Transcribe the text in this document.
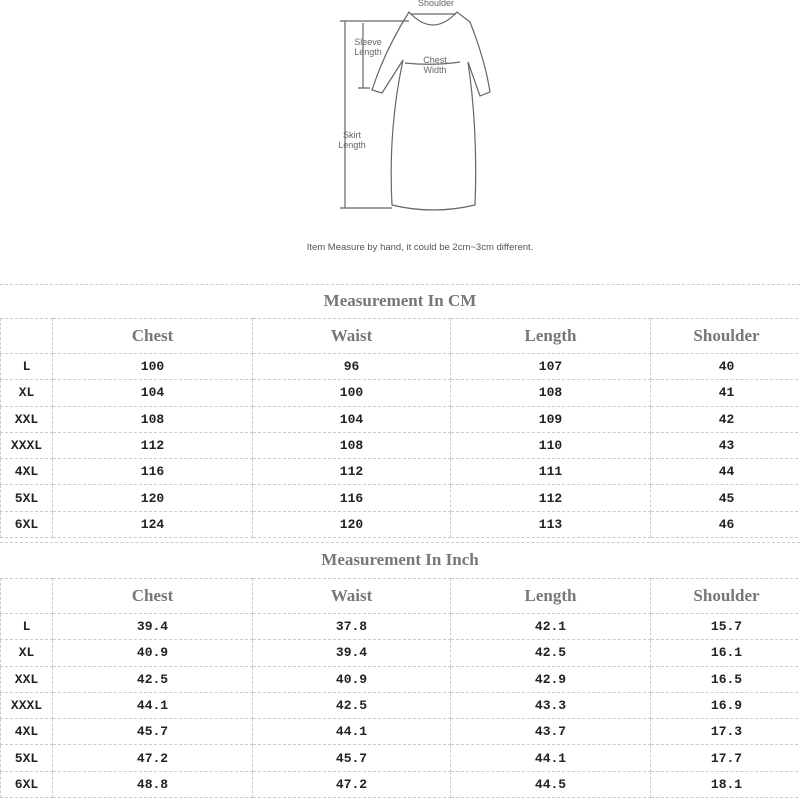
Shoulder
Sleeve Length
Chest Width
Skirt Length
Item Measure by hand, it could be 2cm~3cm different.
Measurement In CM
	Chest	Waist	Length	Shoulder
L	100	96	107	40
XL	104	100	108	41
XXL	108	104	109	42
XXXL	112	108	110	43
4XL	116	112	111	44
5XL	120	116	112	45
6XL	124	120	113	46
Measurement In Inch
	Chest	Waist	Length	Shoulder
L	39.4	37.8	42.1	15.7
XL	40.9	39.4	42.5	16.1
XXL	42.5	40.9	42.9	16.5
XXXL	44.1	42.5	43.3	16.9
4XL	45.7	44.1	43.7	17.3
5XL	47.2	45.7	44.1	17.7
6XL	48.8	47.2	44.5	18.1
